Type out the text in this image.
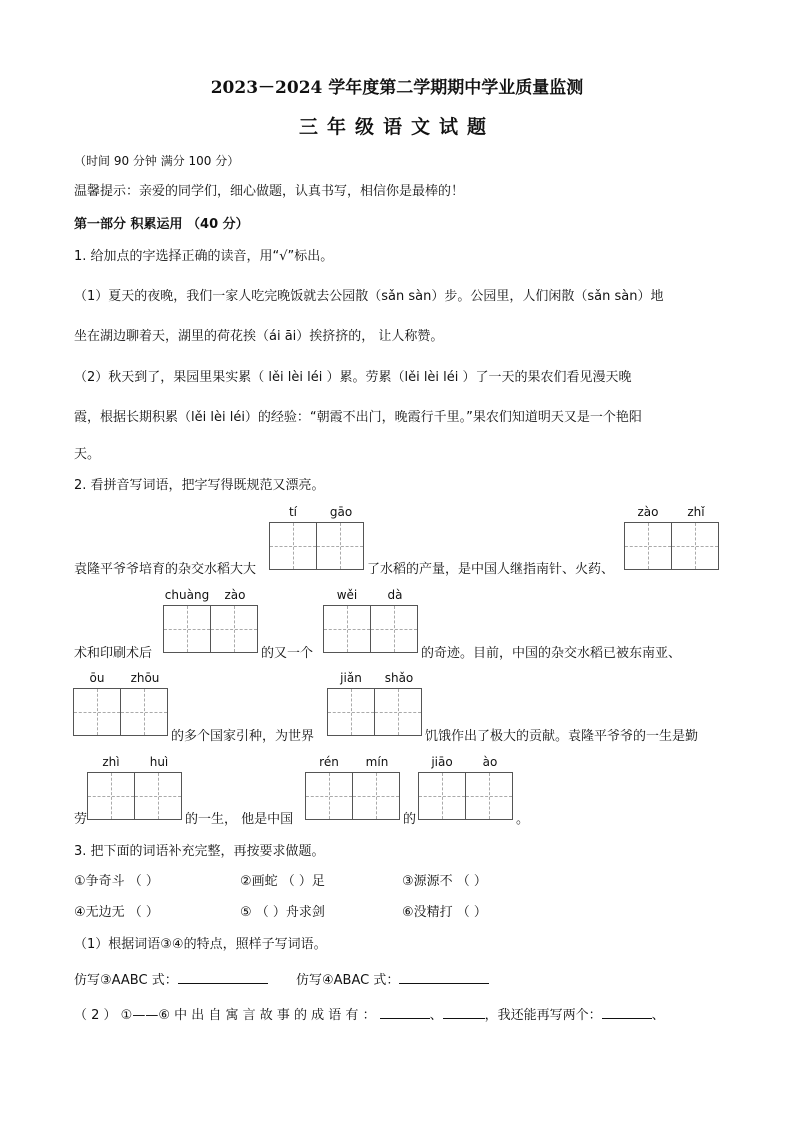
2023－2024 学年度第二学期期中学业质量监测
三年级语文试题
（时间 90 分钟 满分 100 分）
温馨提示：亲爱的同学们，细心做题，认真书写，相信你是最棒的！
第一部分 积累运用 （40 分）
1. 给加点的字选择正确的读音，用“√”标出。
（1）夏天的夜晚，我们一家人吃完晚饭就去公园散（sǎn sàn）步。公园里，人们闲散（sǎn sàn）地
坐在湖边聊着天，湖里的荷花挨（ái āi）挨挤挤的， 让人称赞。
（2）秋天到了，果园里果实累（ lěi lèi léi ）累。劳累（lěi lèi léi ）了一天的果农们看见漫天晚
霞，根据长期积累（lěi lèi léi）的经验：“朝霞不出门，晚霞行千里。”果农们知道明天又是一个艳阳
天。
2. 看拼音写词语，把字写得既规范又漂亮。
tí	gāo	zào	zhǐ
袁隆平爷爷培育的杂交水稻大大	了水稻的产量，是中国人继指南针、火药、
chuàng	zào	wěi	dà
术和印刷术后	的又一个	的奇迹。目前，中国的杂交水稻已被东南亚、
ōu	zhōu	jiǎn	shǎo
的多个国家引种，为世界	饥饿作出了极大的贡献。袁隆平爷爷的一生是勤
zhì	huì	rén	mín	jiāo	ào
劳	的一生， 他是中国	的	。
3. 把下面的词语补充完整，再按要求做题。
①争奇斗 （ ）	②画蛇 （ ）足	③源源不 （ ）
④无边无 （ ）	⑤ （ ）舟求剑	⑥没精打 （ ）
（1）根据词语③④的特点，照样子写词语。
仿写③AABC 式：	仿写④ABAC 式：
（ 2 ） ①——⑥ 中 出 自 寓 言 故 事 的 成 语 有 ：	、	，我还能再写两个：	、
